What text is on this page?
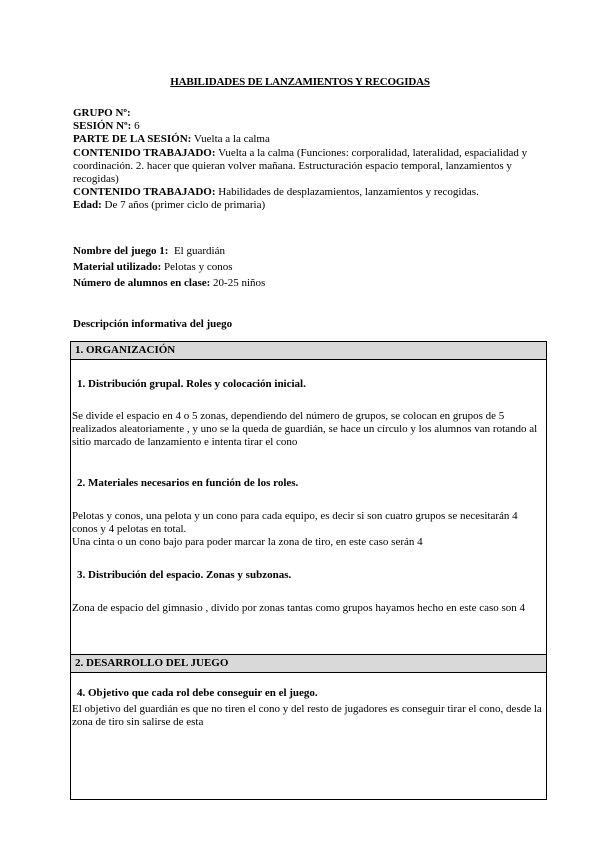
HABILIDADES DE LANZAMIENTOS Y RECOGIDAS

GRUPO Nº:

SESIÓN Nº: 6

PARTE DE LA SESIÓN: Vuelta a la calma

CONTENIDO TRABAJADO: Vuelta a la calma (Funciones: corporalidad, lateralidad, espacialidad y coordinación. 2. hacer que quieran volver mañana. Estructuración espacio temporal, lanzamientos y recogidas)

CONTENIDO TRABAJADO: Habilidades de desplazamientos, lanzamientos y recogidas.

Edad: De 7 años (primer ciclo de primaria)

Nombre del juego 1: El guardián

Material utilizado: Pelotas y conos

Número de alumnos en clase: 20-25 niños

Descripción informativa del juego
1. ORGANIZACIÓN

1. Distribución grupal. Roles y colocación inicial.
Se divide el espacio en 4 o 5 zonas, dependiendo del número de grupos, se colocan en grupos de 5 realizados aleatoriamente , y uno se la queda de guardián, se hace un círculo y los alumnos van rotando al sitio marcado de lanzamiento e intenta tirar el cono
2. Materiales necesarios en función de los roles.
Pelotas y conos, una pelota y un cono para cada equipo, es decir si son cuatro grupos se necesitarán 4 conos y 4 pelotas en total.
Una cinta o un cono bajo para poder marcar la zona de tiro, en este caso serán 4
3. Distribución del espacio. Zonas y subzonas.
Zona de espacio del gimnasio , divido por zonas tantas como grupos hayamos hecho en este caso son 4

2. DESARROLLO DEL JUEGO

4. Objetivo que cada rol debe conseguir en el juego.
El objetivo del guardián es que no tiren el cono y del resto de jugadores es conseguir tirar el cono, desde la zona de tiro sin salirse de esta
